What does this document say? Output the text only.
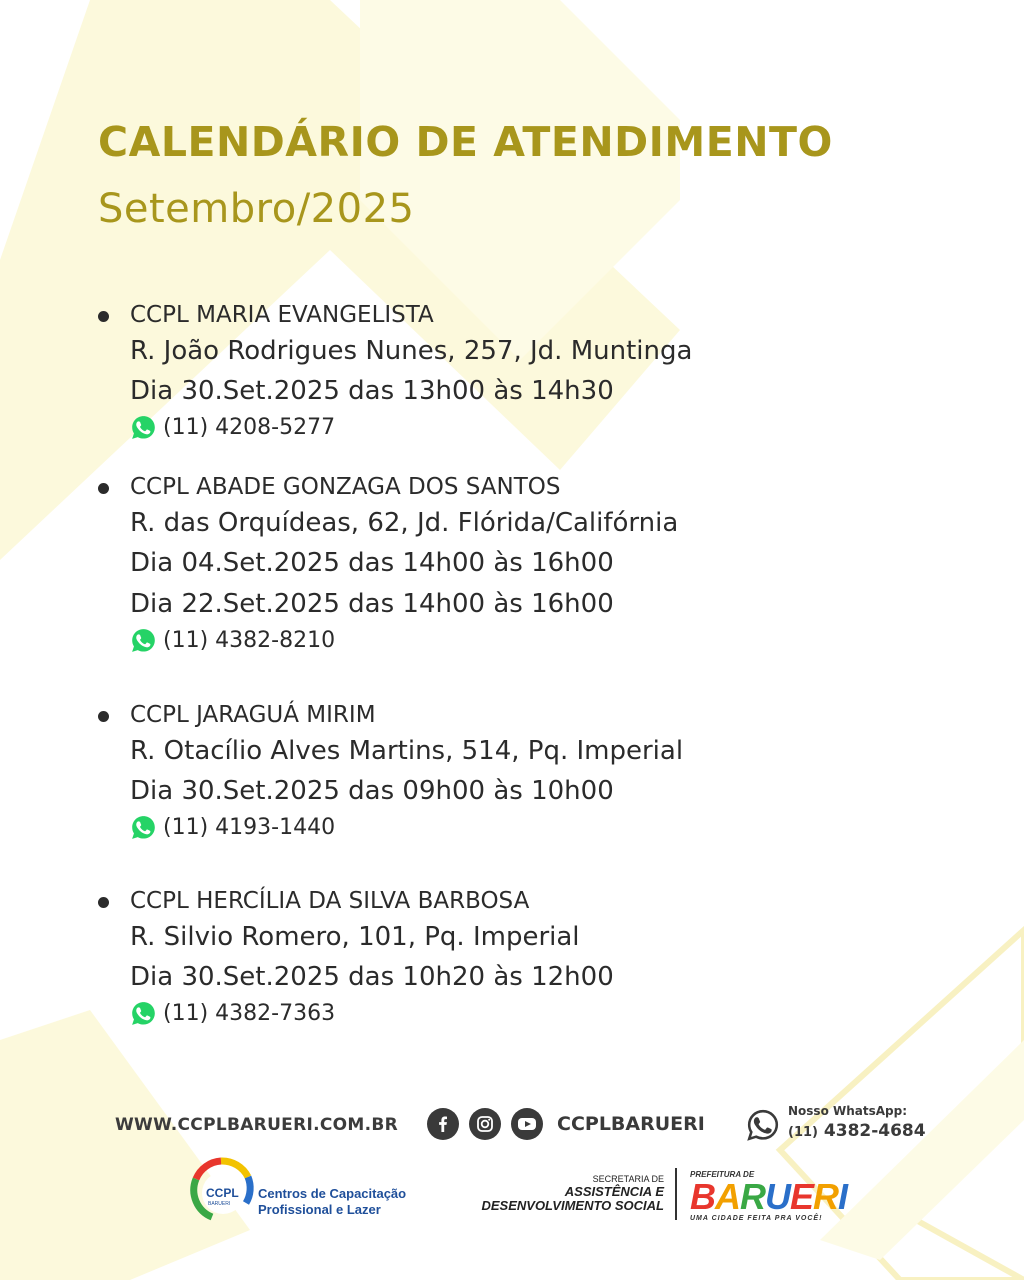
CALENDÁRIO DE ATENDIMENTO
Setembro/2025
CCPL MARIA EVANGELISTA
R. João Rodrigues Nunes, 257, Jd. Muntinga
Dia 30.Set.2025 das 13h00 às 14h30
(11) 4208-5277
CCPL ABADE GONZAGA DOS SANTOS
R. das Orquídeas, 62, Jd. Flórida/Califórnia
Dia 04.Set.2025 das 14h00 às 16h00
Dia 22.Set.2025 das 14h00 às 16h00
(11) 4382-8210
CCPL JARAGUÁ MIRIM
R. Otacílio Alves Martins, 514, Pq. Imperial
Dia 30.Set.2025 das 09h00 às 10h00
(11) 4193-1440
CCPL HERCÍLIA DA SILVA BARBOSA
R. Silvio Romero, 101, Pq. Imperial
Dia 30.Set.2025 das 10h20 às 12h00
(11) 4382-7363
WWW.CCPLBARUERI.COM.BR	CCPLBARUERI
Nosso WhatsApp:
(11) 4382-4684
CCPL
BARUERI
Centros de Capacitação
Profissional e Lazer
SECRETARIA DE
ASSISTÊNCIA E
DESENVOLVIMENTO SOCIAL
PREFEITURA DE
BARUERI
UMA CIDADE FEITA PRA VOCÊ!
